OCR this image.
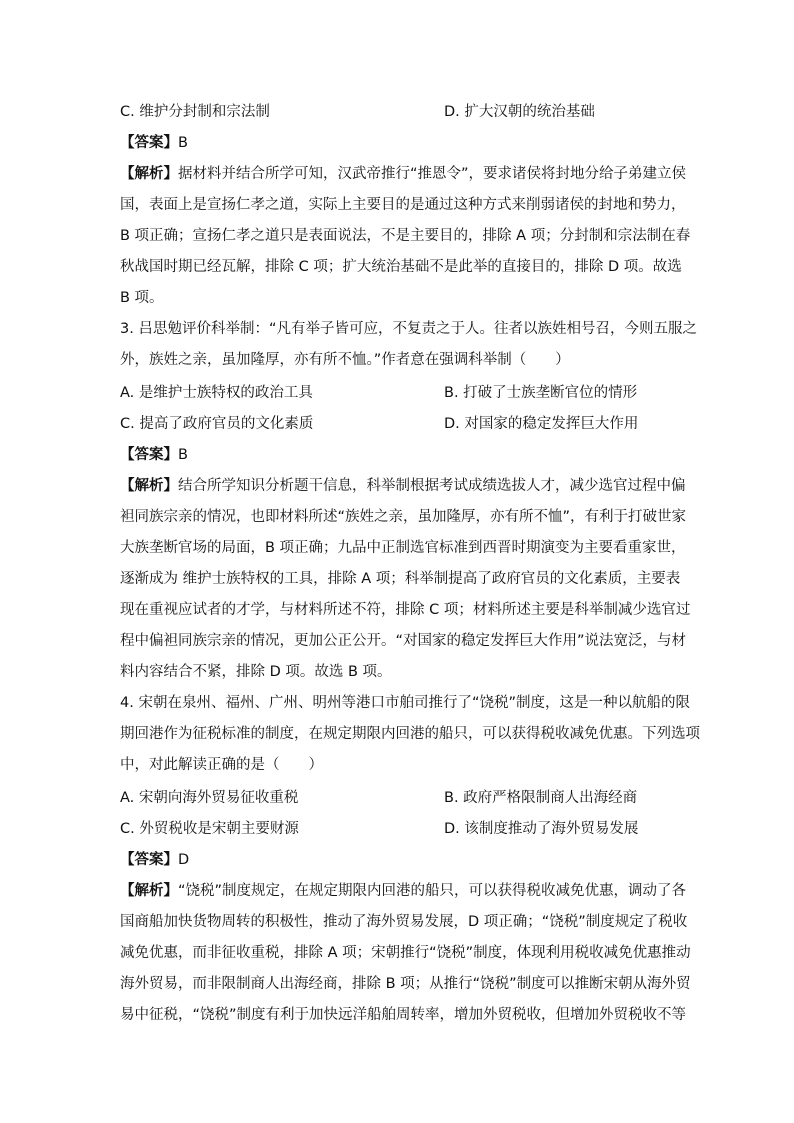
C. 维护分封制和宗法制	D. 扩大汉朝的统治基础
【答案】B
【解析】据材料并结合所学可知，汉武帝推行“推恩令”，要求诸侯将封地分给子弟建立侯
国，表面上是宣扬仁孝之道，实际上主要目的是通过这种方式来削弱诸侯的封地和势力，
B 项正确；宣扬仁孝之道只是表面说法，不是主要目的，排除 A 项；分封制和宗法制在春
秋战国时期已经瓦解，排除 C 项；扩大统治基础不是此举的直接目的，排除 D 项。故选
B 项。
3. 吕思勉评价科举制：“凡有举子皆可应，不复责之于人。往者以族姓相号召，今则五服之
外，族姓之亲，虽加隆厚，亦有所不恤。”作者意在强调科举制（　　）
A. 是维护士族特权的政治工具	B. 打破了士族垄断官位的情形
C. 提高了政府官员的文化素质	D. 对国家的稳定发挥巨大作用
【答案】B
【解析】结合所学知识分析题干信息，科举制根据考试成绩选拔人才，减少选官过程中偏
袒同族宗亲的情况，也即材料所述“族姓之亲，虽加隆厚，亦有所不恤”，有利于打破世家
大族垄断官场的局面，B 项正确；九品中正制选官标准到西晋时期演变为主要看重家世，
逐渐成为 维护士族特权的工具，排除 A 项；科举制提高了政府官员的文化素质，主要表
现在重视应试者的才学，与材料所述不符，排除 C 项；材料所述主要是科举制减少选官过
程中偏袒同族宗亲的情况，更加公正公开。“对国家的稳定发挥巨大作用”说法宽泛，与材
料内容结合不紧，排除 D 项。故选 B 项。
4. 宋朝在泉州、福州、广州、明州等港口市舶司推行了“饶税”制度，这是一种以航船的限
期回港作为征税标准的制度，在规定期限内回港的船只，可以获得税收减免优惠。下列选项
中，对此解读正确的是（　　）
A. 宋朝向海外贸易征收重税	B. 政府严格限制商人出海经商
C. 外贸税收是宋朝主要财源	D. 该制度推动了海外贸易发展
【答案】D
【解析】“饶税”制度规定，在规定期限内回港的船只，可以获得税收减免优惠，调动了各
国商船加快货物周转的积极性，推动了海外贸易发展，D 项正确；“饶税”制度规定了税收
减免优惠，而非征收重税，排除 A 项；宋朝推行“饶税”制度，体现利用税收减免优惠推动
海外贸易，而非限制商人出海经商，排除 B 项；从推行“饶税”制度可以推断宋朝从海外贸
易中征税，“饶税”制度有利于加快远洋船舶周转率，增加外贸税收，但增加外贸税收不等
